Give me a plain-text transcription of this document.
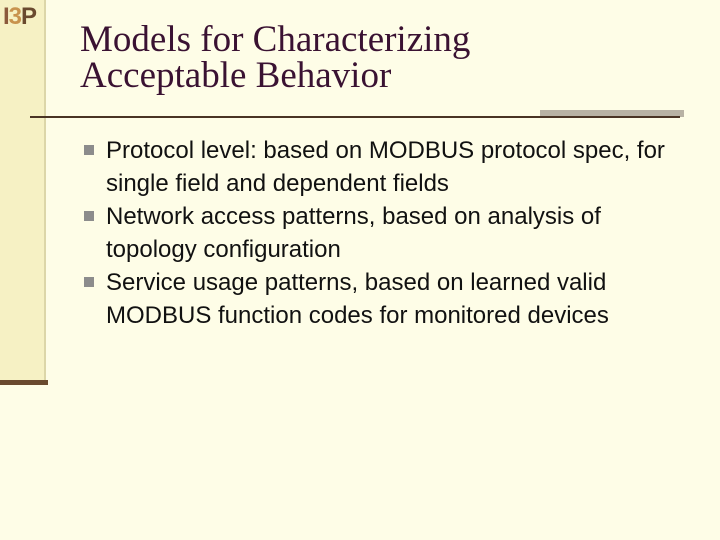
I3P
Models for Characterizing
Acceptable Behavior
Protocol level: based on MODBUS protocol spec, for single field and dependent fields
Network access patterns, based on analysis of topology configuration
Service usage patterns, based on learned valid MODBUS function codes for monitored devices
